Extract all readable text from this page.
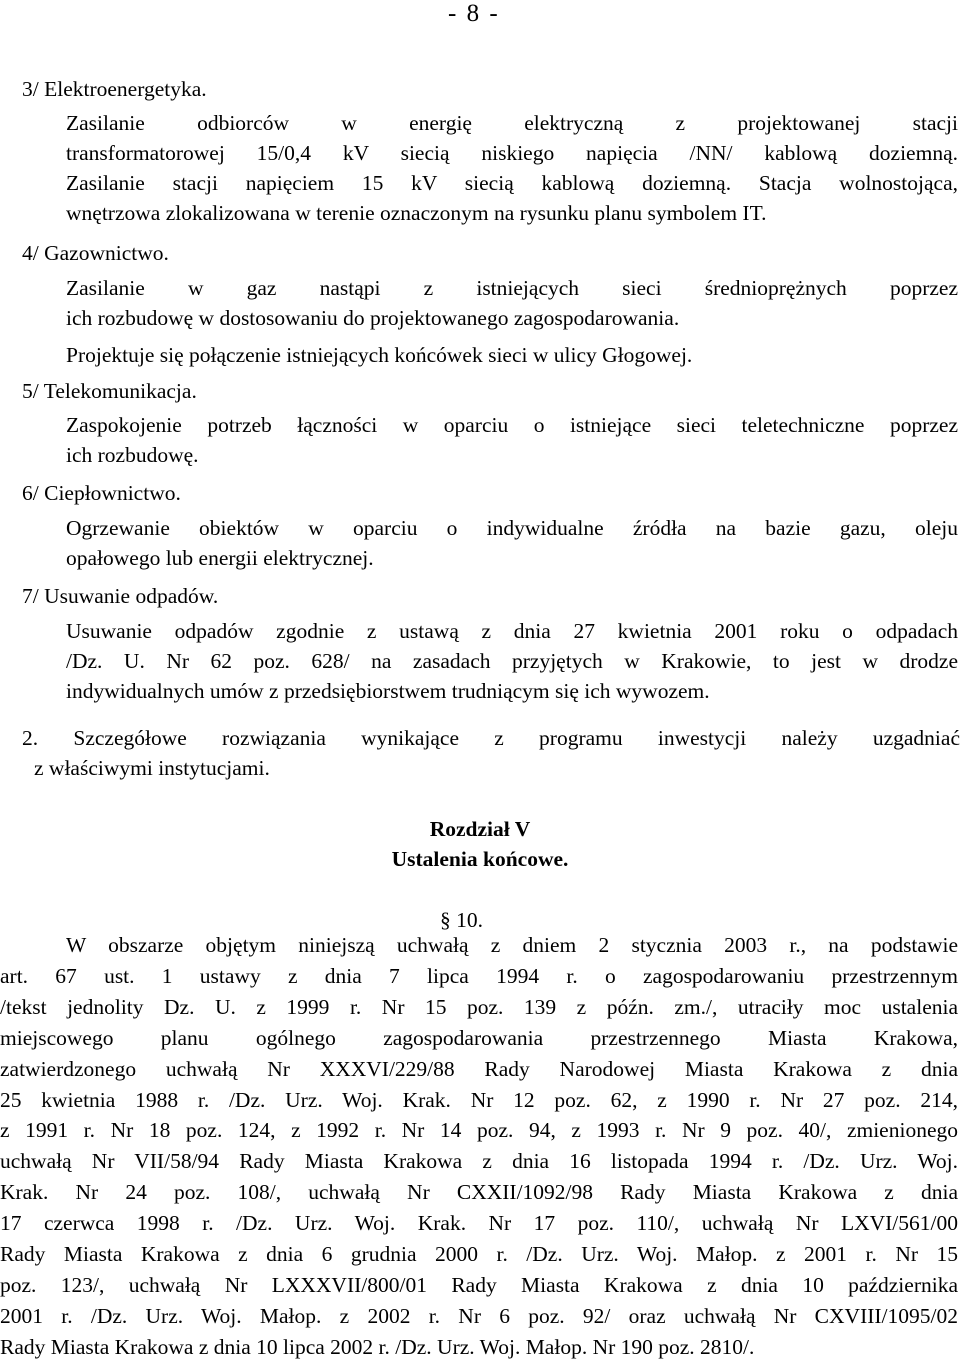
- 8 -
3/ Elektroenergetyka.
Zasilanie odbiorców w energię elektryczną z projektowanej stacji
transformatorowej 15/0,4 kV siecią niskiego napięcia /NN/ kablową doziemną.
Zasilanie stacji napięciem 15 kV siecią kablową doziemną. Stacja wolnostojąca,
wnętrzowa zlokalizowana w terenie oznaczonym na rysunku planu symbolem IT.
4/ Gazownictwo.
Zasilanie w gaz nastąpi z istniejących sieci średnioprężnych poprzez
ich rozbudowę w dostosowaniu do projektowanego zagospodarowania.
Projektuje się połączenie istniejących końcówek sieci w ulicy Głogowej.
5/ Telekomunikacja.
Zaspokojenie potrzeb łączności w oparciu o istniejące sieci teletechniczne poprzez
ich rozbudowę.
6/ Ciepłownictwo.
Ogrzewanie obiektów w oparciu o indywidualne źródła na bazie gazu, oleju
opałowego lub energii elektrycznej.
7/ Usuwanie odpadów.
Usuwanie odpadów zgodnie z ustawą z dnia 27 kwietnia 2001 roku o odpadach
/Dz. U. Nr 62 poz. 628/ na zasadach przyjętych w Krakowie, to jest w drodze
indywidualnych umów z przedsiębiorstwem trudniącym się ich wywozem.
2. Szczegółowe rozwiązania wynikające z programu inwestycji należy uzgadniać
z właściwymi instytucjami.
Rozdział V
Ustalenia końcowe.
§ 10.
W obszarze objętym niniejszą uchwałą z dniem 2 stycznia 2003 r., na podstawie
art. 67 ust. 1 ustawy z dnia 7 lipca 1994 r. o zagospodarowaniu przestrzennym
/tekst jednolity Dz. U. z 1999 r. Nr 15 poz. 139 z późn. zm./, utraciły moc ustalenia
miejscowego planu ogólnego zagospodarowania przestrzennego Miasta Krakowa,
zatwierdzonego uchwałą Nr XXXVI/229/88 Rady Narodowej Miasta Krakowa z dnia
25 kwietnia 1988 r. /Dz. Urz. Woj. Krak. Nr 12 poz. 62, z 1990 r. Nr 27 poz. 214,
z 1991 r. Nr 18 poz. 124, z 1992 r. Nr 14 poz. 94, z 1993 r. Nr 9 poz. 40/, zmienionego
uchwałą Nr VII/58/94 Rady Miasta Krakowa z dnia 16 listopada 1994 r. /Dz. Urz. Woj.
Krak. Nr 24 poz. 108/, uchwałą Nr CXXII/1092/98 Rady Miasta Krakowa z dnia
17 czerwca 1998 r. /Dz. Urz. Woj. Krak. Nr 17 poz. 110/, uchwałą Nr LXVI/561/00
Rady Miasta Krakowa z dnia 6 grudnia 2000 r. /Dz. Urz. Woj. Małop. z 2001 r. Nr 15
poz. 123/, uchwałą Nr LXXXVII/800/01 Rady Miasta Krakowa z dnia 10 października
2001 r. /Dz. Urz. Woj. Małop. z 2002 r. Nr 6 poz. 92/ oraz uchwałą Nr CXVIII/1095/02
Rady Miasta Krakowa z dnia 10 lipca 2002 r. /Dz. Urz. Woj. Małop. Nr 190 poz. 2810/.
